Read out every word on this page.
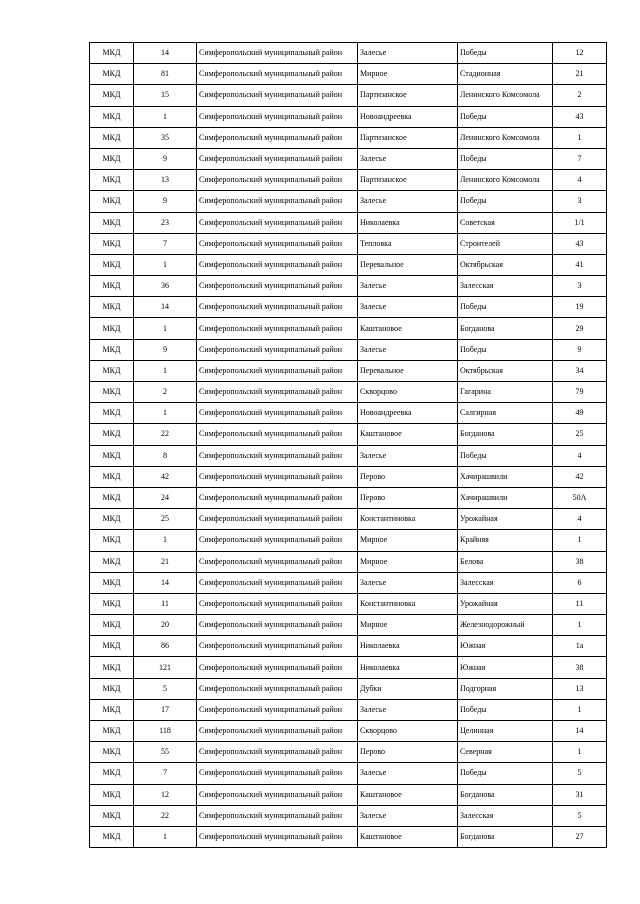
МКД	14	Симферопольский муниципальный район	Залесье	Победы	12
МКД	81	Симферопольский муниципальный район	Мирное	Стадионная	21
МКД	15	Симферопольский муниципальный район	Партизанское	Ленинского Комсомола	2
МКД	1	Симферопольский муниципальный район	Новоандреевка	Победы	43
МКД	35	Симферопольский муниципальный район	Партизанское	Ленинского Комсомола	1
МКД	9	Симферопольский муниципальный район	Залесье	Победы	7
МКД	13	Симферопольский муниципальный район	Партизанское	Ленинского Комсомола	4
МКД	9	Симферопольский муниципальный район	Залесье	Победы	3
МКД	23	Симферопольский муниципальный район	Николаевка	Советская	1/1
МКД	7	Симферопольский муниципальный район	Тепловка	Строителей	43
МКД	1	Симферопольский муниципальный район	Перевальное	Октябрьская	41
МКД	36	Симферопольский муниципальный район	Залесье	Залесская	3
МКД	14	Симферопольский муниципальный район	Залесье	Победы	19
МКД	1	Симферопольский муниципальный район	Каштановое	Богданова	29
МКД	9	Симферопольский муниципальный район	Залесье	Победы	9
МКД	1	Симферопольский муниципальный район	Перевальное	Октябрьская	34
МКД	2	Симферопольский муниципальный район	Скворцово	Гагарина	79
МКД	1	Симферопольский муниципальный район	Новоандреевка	Салгирная	49
МКД	22	Симферопольский муниципальный район	Каштановое	Богданова	25
МКД	8	Симферопольский муниципальный район	Залесье	Победы	4
МКД	42	Симферопольский муниципальный район	Перово	Хачирашвили	42
МКД	24	Симферопольский муниципальный район	Перово	Хачирашвили	50А
МКД	25	Симферопольский муниципальный район	Константиновка	Урожайная	4
МКД	1	Симферопольский муниципальный район	Мирное	Крайняя	1
МКД	21	Симферопольский муниципальный район	Мирное	Белова	38
МКД	14	Симферопольский муниципальный район	Залесье	Залесская	6
МКД	11	Симферопольский муниципальный район	Константиновка	Урожайная	11
МКД	20	Симферопольский муниципальный район	Мирное	Железнодорожный	1
МКД	86	Симферопольский муниципальный район	Николаевка	Южная	1а
МКД	121	Симферопольский муниципальный район	Николаевка	Южная	38
МКД	5	Симферопольский муниципальный район	Дубки	Подгорная	13
МКД	17	Симферопольский муниципальный район	Залесье	Победы	1
МКД	118	Симферопольский муниципальный район	Скворцово	Целинная	14
МКД	55	Симферопольский муниципальный район	Перово	Северная	1
МКД	7	Симферопольский муниципальный район	Залесье	Победы	5
МКД	12	Симферопольский муниципальный район	Каштановое	Богданова	31
МКД	22	Симферопольский муниципальный район	Залесье	Залесская	5
МКД	1	Симферопольский муниципальный район	Каштановое	Богданова	27
